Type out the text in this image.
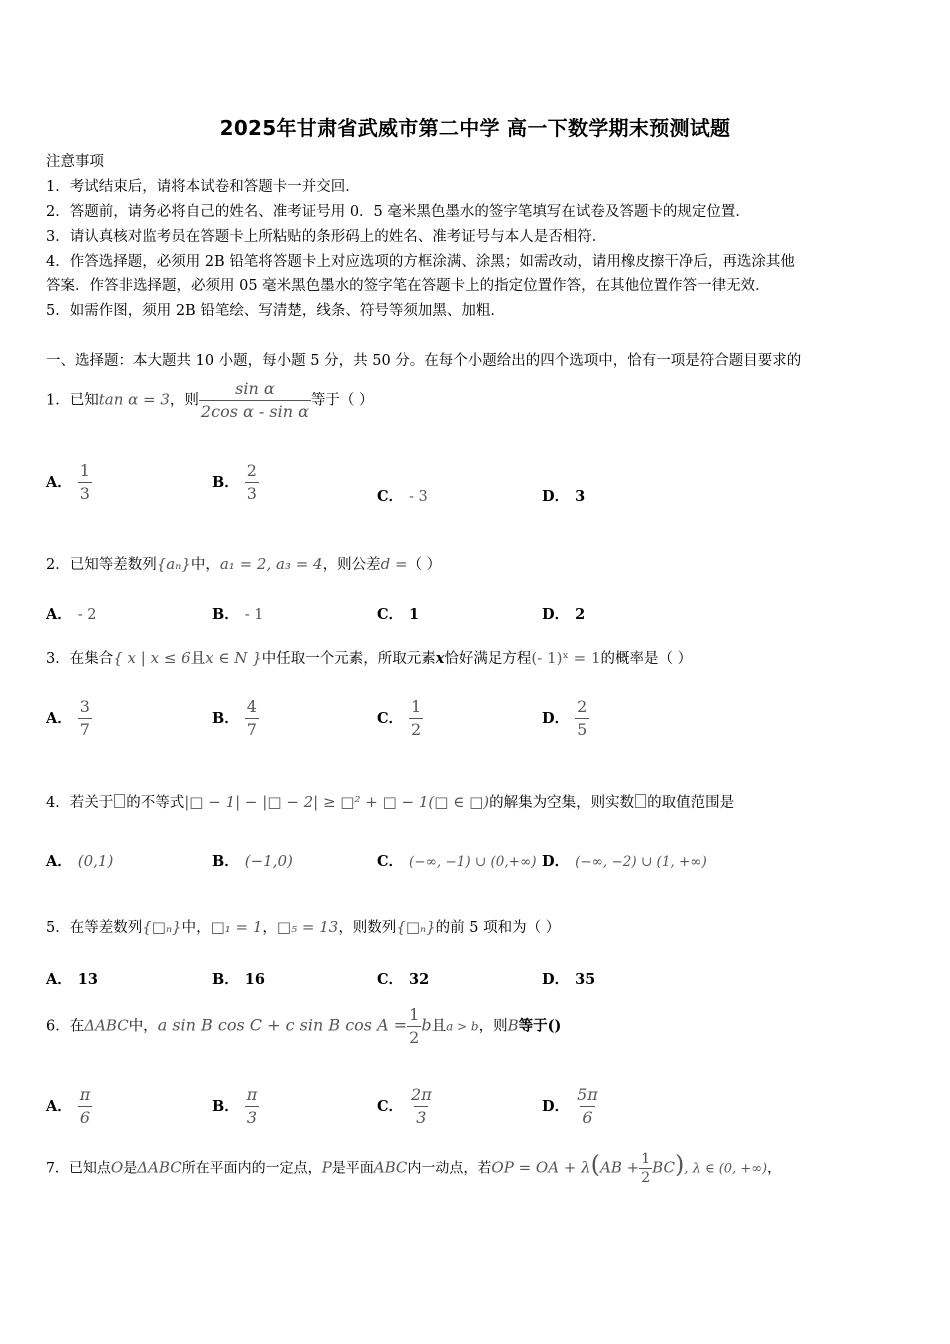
2025年甘肃省武威市第二中学 高一下数学期末预测试题
注意事项
1．考试结束后，请将本试卷和答题卡一并交回．
2．答题前，请务必将自己的姓名、准考证号用 0．5 毫米黑色墨水的签字笔填写在试卷及答题卡的规定位置．
3．请认真核对监考员在答题卡上所粘贴的条形码上的姓名、准考证号与本人是否相符．
4．作答选择题，必须用 2B 铅笔将答题卡上对应选项的方框涂满、涂黑；如需改动，请用橡皮擦干净后，再选涂其他
答案．作答非选择题，必须用 05 毫米黑色墨水的签字笔在答题卡上的指定位置作答，在其他位置作答一律无效．
5．如需作图，须用 2B 铅笔绘、写清楚，线条、符号等须加黑、加粗．
一、选择题：本大题共 10 小题，每小题 5 分，共 50 分。在每个小题给出的四个选项中，恰有一项是符合题目要求的
1．已知tan α = 3，则 $\frac{\text{sin α}}{\text{2cos α - sin α}}$ 等于（ ）
A． $\frac{1}{3}$	B． $\frac{2}{3}$	C． - 3	D． 3
2．已知等差数列{aₙ}中，a₁ = 2, a₃ = 4，则公差d =（ ）
A． - 2	B． - 1	C． 1	D． 2
3．在集合{ x | x ≤ 6且x ∈ N }中任取一个元素，所取元素x恰好满足方程(- 1)ˣ = 1的概率是（ ）
A． $\frac{3}{7}$	B． $\frac{4}{7}$	C． $\frac{1}{2}$	D． $\frac{2}{5}$
4．若关于 的不等式|□ − 1| − |□ − 2| ≥ □² + □ − 1(□ ∈ □)的解集为空集，则实数 的取值范围是
A． (0,1)	B． (−1,0)	C． (−∞, −1) ∪ (0,+∞) D． (−∞, −2) ∪ (1, +∞)
5．在等差数列{□ₙ}中，□₁ = 1，□₅ = 13，则数列{□ₙ}的前 5 项和为（ ）
A． 13	B． 16	C． 32	D． 35
6．在ΔABC中，a sin B cos C + c sin B $\cos A = \frac{1}{2}$ b且a > b，则B等于()
A． $\frac{\pi}{6}$	B． $\frac{\pi}{3}$	C． $\frac{2\pi}{3}$	D． $\frac{5\pi}{6}$
7．已知点O是ΔABC所在平面内的一定点，P是平面ABC内一动点，若OP = OA + $\lambda(AB + \frac{1}{2} BC)$, λ ∈ (0, +∞)，
